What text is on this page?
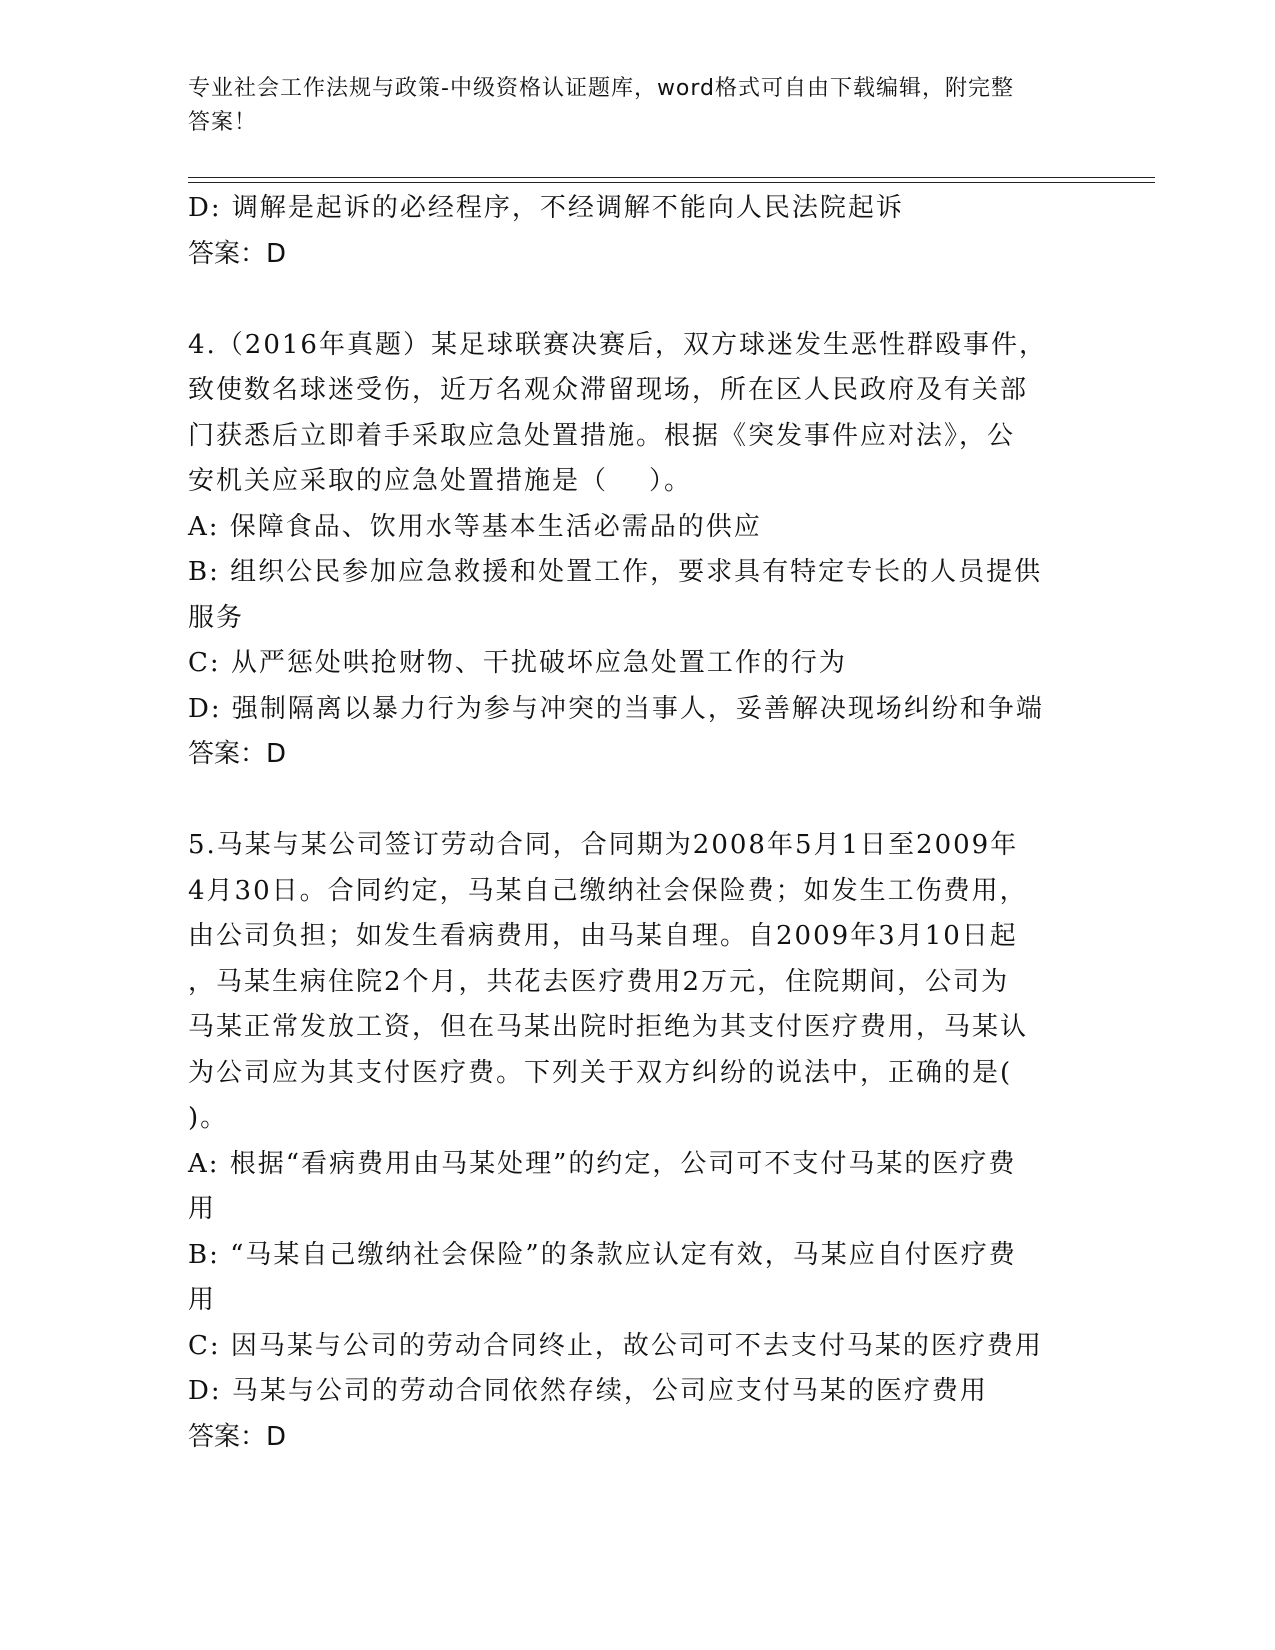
专业社会工作法规与政策-中级资格认证题库，word格式可自由下载编辑，附完整
答案！
D: 调解是起诉的必经程序，不经调解不能向人民法院起诉
答案：D
4.（2016年真题）某足球联赛决赛后，双方球迷发生恶性群殴事件，
致使数名球迷受伤，近万名观众滞留现场，所在区人民政府及有关部
门获悉后立即着手采取应急处置措施。根据《突发事件应对法》，公
安机关应采取的应急处置措施是（    ）。
A: 保障食品、饮用水等基本生活必需品的供应
B: 组织公民参加应急救援和处置工作，要求具有特定专长的人员提供
服务
C: 从严惩处哄抢财物、干扰破坏应急处置工作的行为
D: 强制隔离以暴力行为参与冲突的当事人，妥善解决现场纠纷和争端
答案：D
5.马某与某公司签订劳动合同，合同期为2008年5月1日至2009年
4月30日。合同约定，马某自己缴纳社会保险费；如发生工伤费用，
由公司负担；如发生看病费用，由马某自理。自2009年3月10日起
，马某生病住院2个月，共花去医疗费用2万元，住院期间，公司为
马某正常发放工资，但在马某出院时拒绝为其支付医疗费用，马某认
为公司应为其支付医疗费。下列关于双方纠纷的说法中，正确的是(
)。
A: 根据“看病费用由马某处理”的约定，公司可不支付马某的医疗费
用
B: “马某自己缴纳社会保险”的条款应认定有效，马某应自付医疗费
用
C: 因马某与公司的劳动合同终止，故公司可不去支付马某的医疗费用
D: 马某与公司的劳动合同依然存续，公司应支付马某的医疗费用
答案：D
